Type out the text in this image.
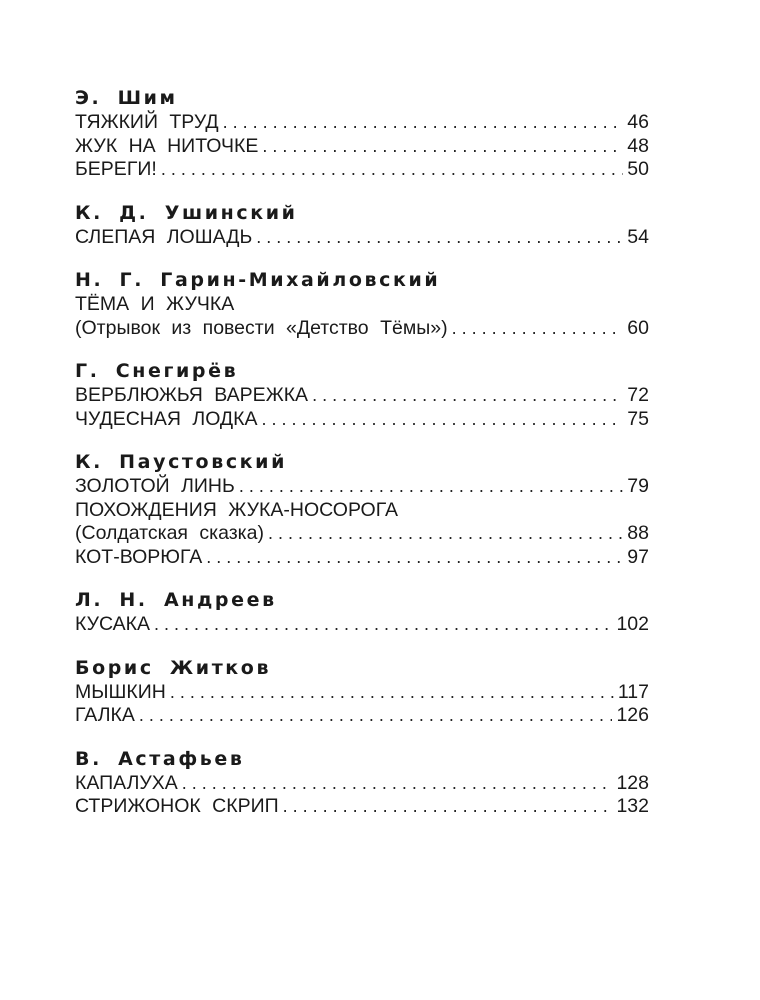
Э. Шим
ТЯЖКИЙ ТРУД . . .	46
ЖУК НА НИТОЧКЕ . . .	48
БЕРЕГИ! . . .	50
К. Д. Ушинский
СЛЕПАЯ ЛОШАДЬ . . .	54
Н. Г. Гарин-Михайловский
ТЁМА И ЖУЧКА
(Отрывок из повести «Детство Тёмы») . . .	60
Г. Снегирёв
ВЕРБЛЮЖЬЯ ВАРЕЖКА . . .	72
ЧУДЕСНАЯ ЛОДКА . . .	75
К. Паустовский
ЗОЛОТОЙ ЛИНЬ . . .	79
ПОХОЖДЕНИЯ ЖУКА-НОСОРОГА
(Солдатская сказка) . . .	88
КОТ-ВОРЮГА . . .	97
Л. Н. Андреев
КУСАКА . . .	102
Борис Житков
МЫШКИН . . .	117
ГАЛКА . . .	126
В. Астафьев
КАПАЛУХА . . .	128
СТРИЖОНОК СКРИП . . .	132
